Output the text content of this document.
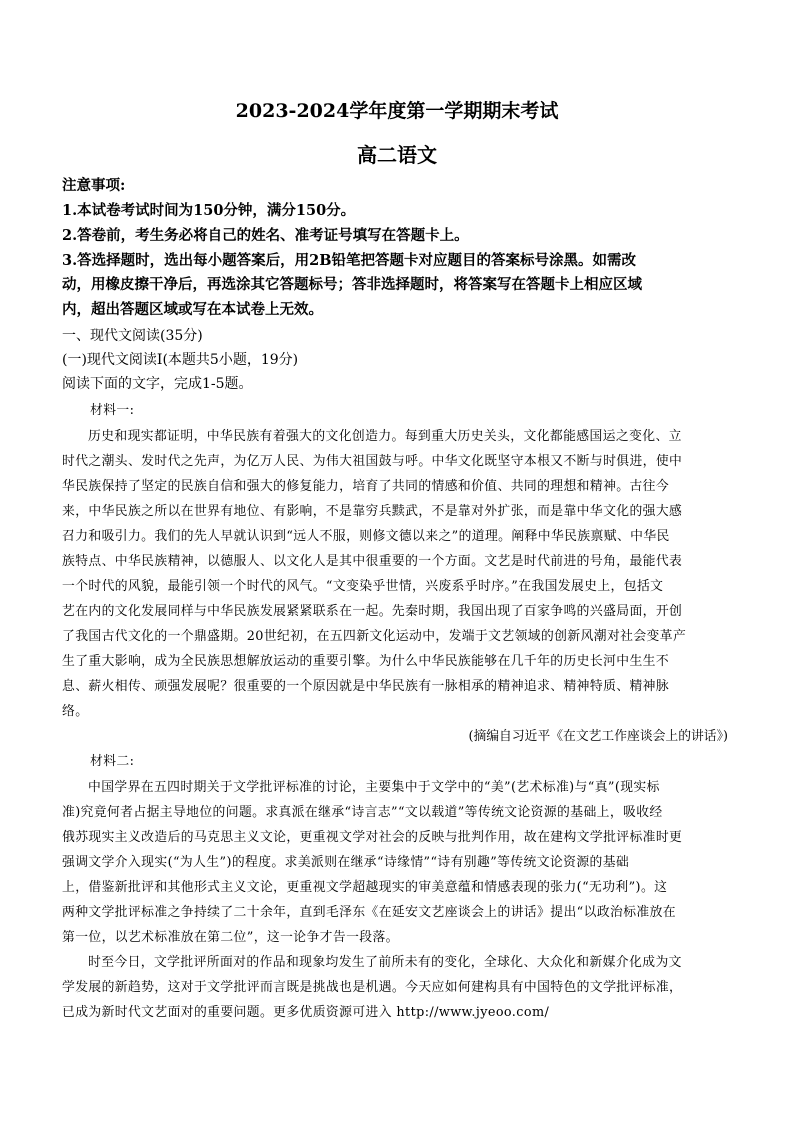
2023-2024学年度第一学期期末考试
高二语文
注意事项:
1.本试卷考试时间为150分钟，满分150分。
2.答卷前，考生务必将自己的姓名、准考证号填写在答题卡上。
3.答选择题时，选出每小题答案后，用2B铅笔把答题卡对应题目的答案标号涂黑。如需改
动，用橡皮擦干净后，再选涂其它答题标号；答非选择题时，将答案写在答题卡上相应区域
内，超出答题区域或写在本试卷上无效。
一、现代文阅读(35分)
(一)现代文阅读Ⅰ(本题共5小题，19分)
阅读下面的文字，完成1-5题。
材料一:
历史和现实都证明，中华民族有着强大的文化创造力。每到重大历史关头，文化都能感国运之变化、立
时代之潮头、发时代之先声，为亿万人民、为伟大祖国鼓与呼。中华文化既坚守本根又不断与时俱进，使中
华民族保持了坚定的民族自信和强大的修复能力，培育了共同的情感和价值、共同的理想和精神。古往今
来，中华民族之所以在世界有地位、有影响，不是靠穷兵黩武，不是靠对外扩张，而是靠中华文化的强大感
召力和吸引力。我们的先人早就认识到“远人不服，则修文德以来之”的道理。阐释中华民族禀赋、中华民
族特点、中华民族精神，以德服人、以文化人是其中很重要的一个方面。文艺是时代前进的号角，最能代表
一个时代的风貌，最能引领一个时代的风气。“文变染乎世情，兴废系乎时序。”在我国发展史上，包括文
艺在内的文化发展同样与中华民族发展紧紧联系在一起。先秦时期，我国出现了百家争鸣的兴盛局面，开创
了我国古代文化的一个鼎盛期。20世纪初，在五四新文化运动中，发端于文艺领域的创新风潮对社会变革产
生了重大影响，成为全民族思想解放运动的重要引擎。为什么中华民族能够在几千年的历史长河中生生不
息、薪火相传、顽强发展呢？很重要的一个原因就是中华民族有一脉相承的精神追求、精神特质、精神脉
络。
(摘编自习近平《在文艺工作座谈会上的讲话》)
材料二:
中国学界在五四时期关于文学批评标准的讨论，主要集中于文学中的“美”(艺术标准)与“真”(现实标
准)究竟何者占据主导地位的问题。求真派在继承“诗言志”“文以载道”等传统文论资源的基础上，吸收经
俄苏现实主义改造后的马克思主义文论，更重视文学对社会的反映与批判作用，故在建构文学批评标准时更
强调文学介入现实(“为人生”)的程度。求美派则在继承“诗缘情”“诗有别趣”等传统文论资源的基础
上，借鉴新批评和其他形式主义文论，更重视文学超越现实的审美意蕴和情感表现的张力(“无功利”)。这
两种文学批评标准之争持续了二十余年，直到毛泽东《在延安文艺座谈会上的讲话》提出“以政治标准放在
第一位，以艺术标准放在第二位”，这一论争才告一段落。
时至今日，文学批评所面对的作品和现象均发生了前所未有的变化，全球化、大众化和新媒介化成为文
学发展的新趋势，这对于文学批评而言既是挑战也是机遇。今天应如何建构具有中国特色的文学批评标准，
已成为新时代文艺面对的重要问题。更多优质资源可进入 http://www.jyeoo.com/
